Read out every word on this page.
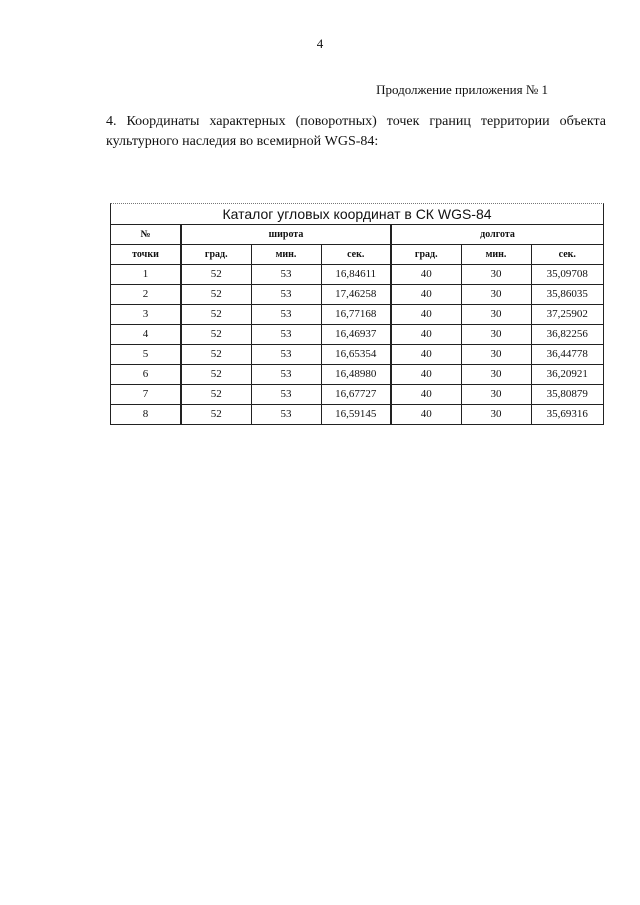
4
Продолжение приложения № 1
4. Координаты характерных (поворотных) точек границ территории объекта культурного наследия во всемирной WGS-84:
Каталог угловых координат в СК WGS-84
№	широта			долгота		
точки	град.	мин.	сек.	град.	мин.	сек.
1	52	53	16,84611	40	30	35,09708
2	52	53	17,46258	40	30	35,86035
3	52	53	16,77168	40	30	37,25902
4	52	53	16,46937	40	30	36,82256
5	52	53	16,65354	40	30	36,44778
6	52	53	16,48980	40	30	36,20921
7	52	53	16,67727	40	30	35,80879
8	52	53	16,59145	40	30	35,69316
